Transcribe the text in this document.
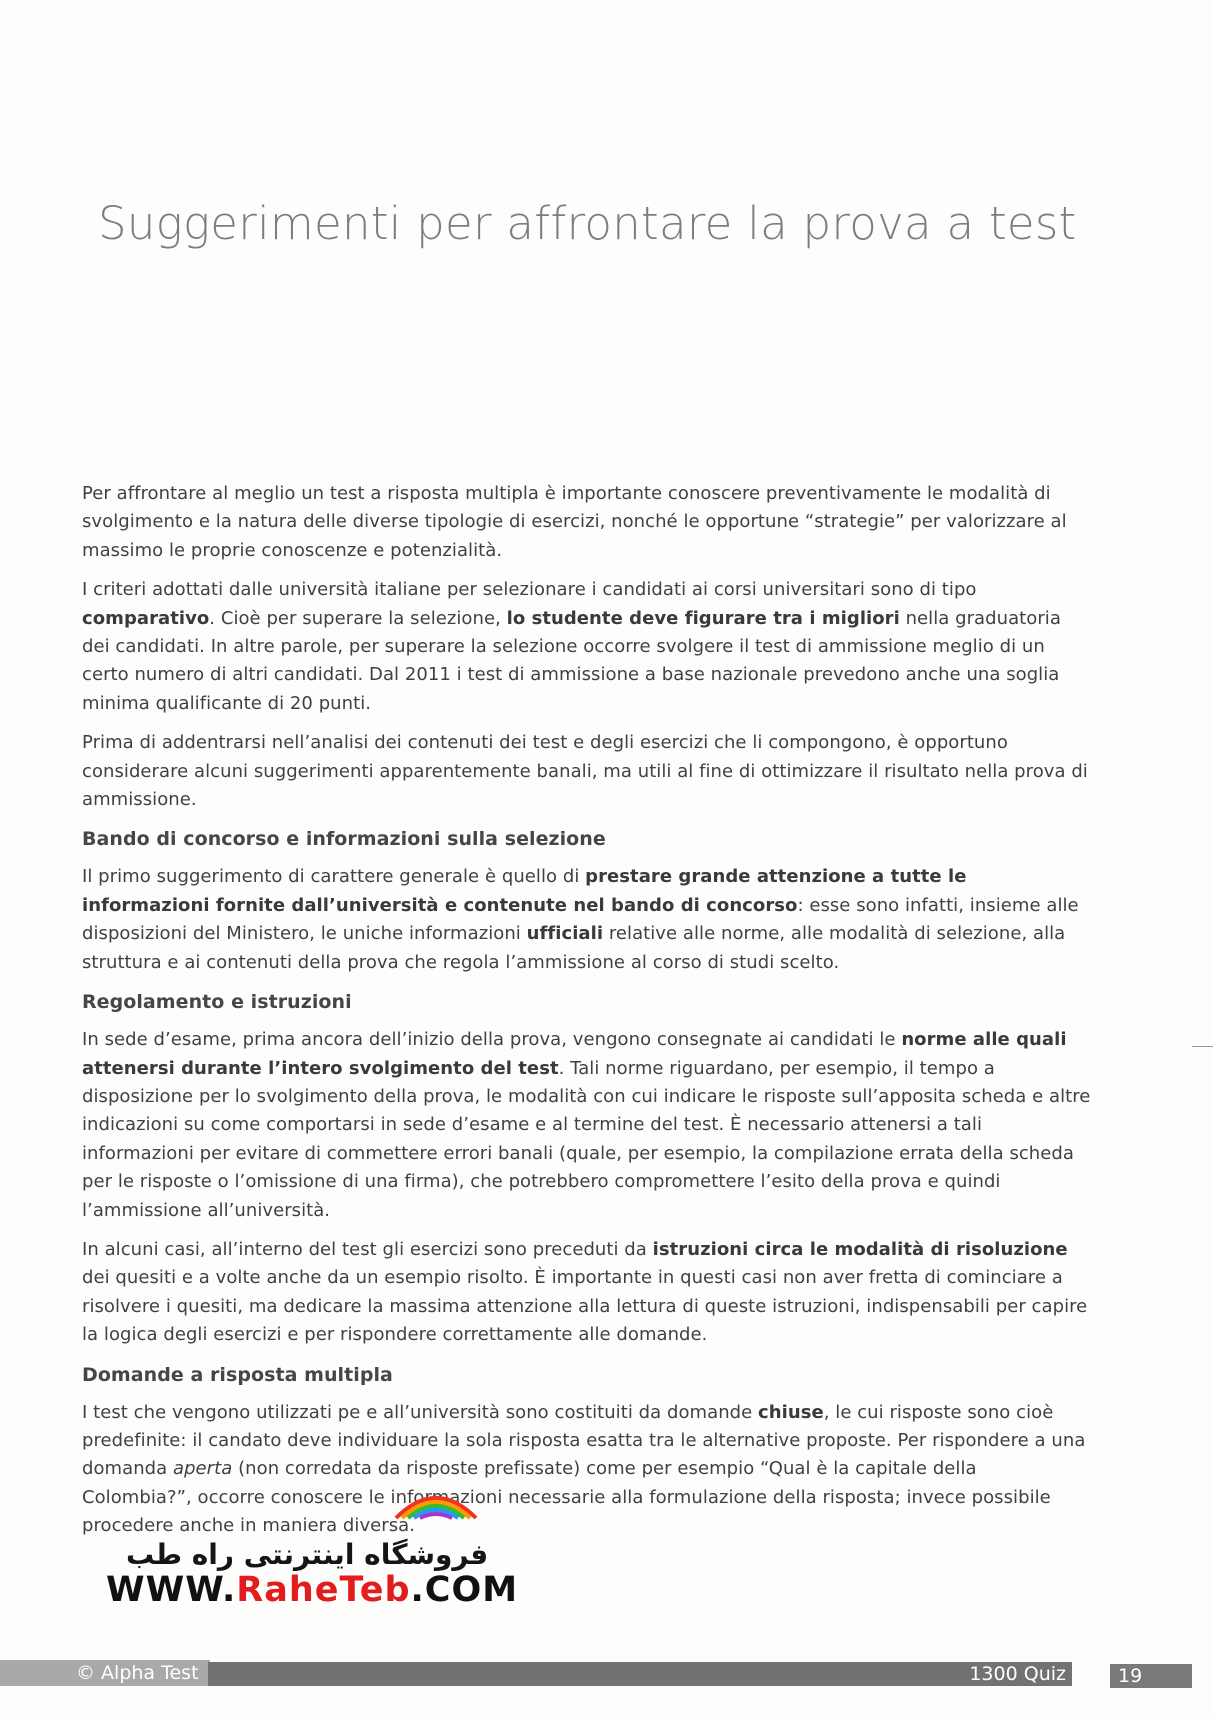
Suggerimenti per affrontare la prova a test

Per affrontare al meglio un test a risposta multipla è importante conoscere preventivamente le modalità di svolgimento e la natura delle diverse tipologie di esercizi, nonché le opportune “strategie” per valorizzare al massimo le proprie conoscenze e potenzialità.

I criteri adottati dalle università italiane per selezionare i candidati ai corsi universitari sono di tipo comparativo. Cioè per superare la selezione, lo studente deve figurare tra i migliori nella graduatoria dei candidati. In altre parole, per superare la selezione occorre svolgere il test di ammissione meglio di un certo numero di altri candidati. Dal 2011 i test di ammissione a base nazionale prevedono anche una soglia minima qualificante di 20 punti.

Prima di addentrarsi nell’analisi dei contenuti dei test e degli esercizi che li compongono, è opportuno considerare alcuni suggerimenti apparentemente banali, ma utili al fine di ottimizzare il risultato nella prova di ammissione.

Bando di concorso e informazioni sulla selezione

Il primo suggerimento di carattere generale è quello di prestare grande attenzione a tutte le informazioni fornite dall’università e contenute nel bando di concorso: esse sono infatti, insieme alle disposizioni del Ministero, le uniche informazioni ufficiali relative alle norme, alle modalità di selezione, alla struttura e ai contenuti della prova che regola l’ammissione al corso di studi scelto.

Regolamento e istruzioni

In sede d’esame, prima ancora dell’inizio della prova, vengono consegnate ai candidati le norme alle quali attenersi durante l’intero svolgimento del test. Tali norme riguardano, per esempio, il tempo a disposizione per lo svolgimento della prova, le modalità con cui indicare le risposte sull’apposita scheda e altre indicazioni su come comportarsi in sede d’esame e al termine del test. È necessario attenersi a tali informazioni per evitare di commettere errori banali (quale, per esempio, la compilazione errata della scheda per le risposte o l’omissione di una firma), che potrebbero compromettere l’esito della prova e quindi l’ammissione all’università.

In alcuni casi, all’interno del test gli esercizi sono preceduti da istruzioni circa le modalità di risoluzione dei quesiti e a volte anche da un esempio risolto. È importante in questi casi non aver fretta di cominciare a risolvere i quesiti, ma dedicare la massima attenzione alla lettura di queste istruzioni, indispensabili per capire la logica degli esercizi e per rispondere correttamente alle domande.

Domande a risposta multipla

I test che vengono utilizzati pe e all’università sono costituiti da domande chiuse, le cui risposte sono cioè predefinite: il candato deve individuare la sola risposta esatta tra le alternative proposte. Per rispondere a una domanda aperta (non corredata da risposte prefissate) come per esempio “Qual è la capitale della Colombia?”, occorre conoscere le informazioni necessarie alla formulazione della risposta; invece possibile procedere anche in maniera diversa.

فروشگاه اینترنتی راه طب
WWW.RaheTeb.COM
© Alpha Test	1300 Quiz	19
